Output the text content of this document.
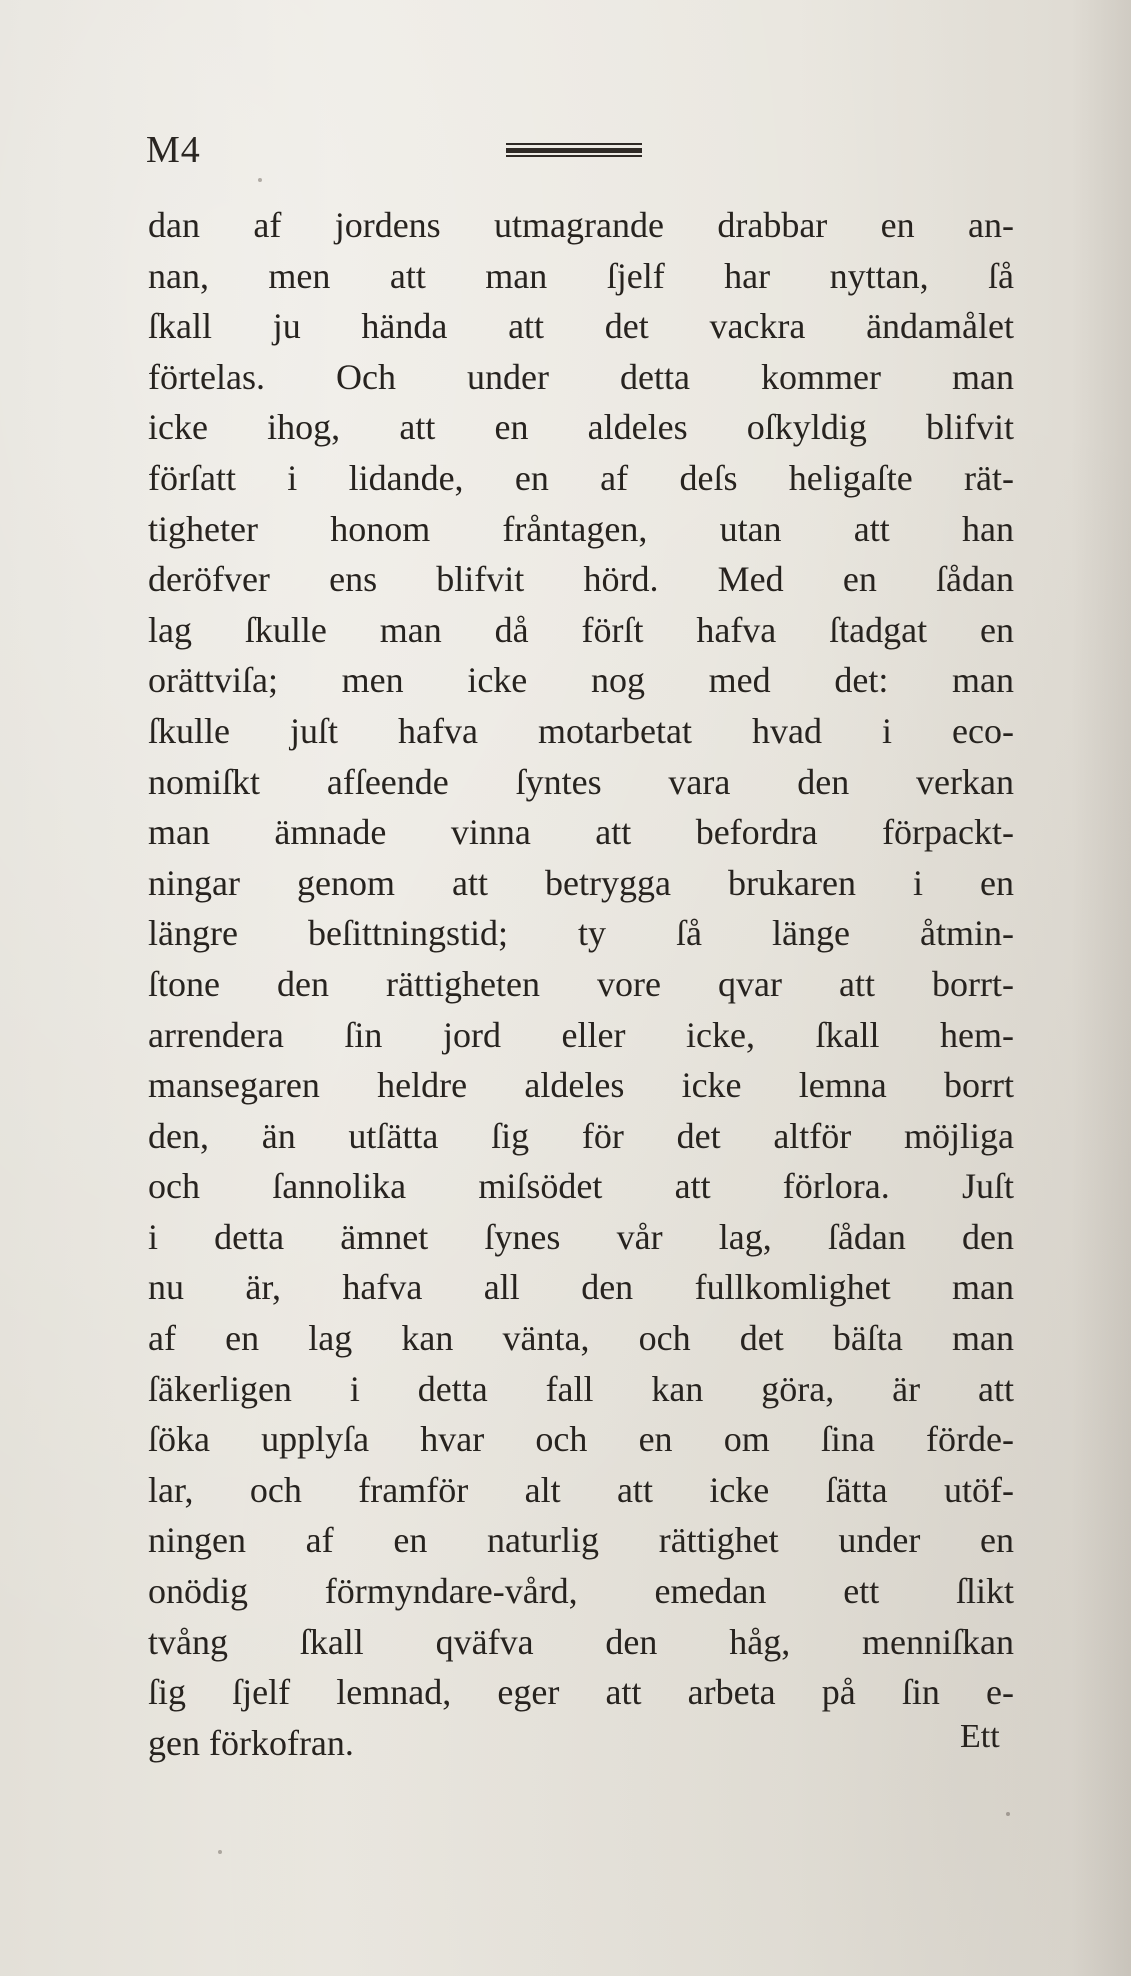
M4
dan af jordens utmagrande drabbar en an-
nan, men att man ſjelf har nyttan, ſå
ſkall ju hända att det vackra ändamålet
förtelas. Och under detta kommer man
icke ihog, att en aldeles oſkyldig blifvit
förſatt i lidande, en af deſs heligaſte rät-
tigheter honom fråntagen, utan att han
deröfver ens blifvit hörd. Med en ſådan
lag ſkulle man då förſt hafva ſtadgat en
orättviſa; men icke nog med det: man
ſkulle juſt hafva motarbetat hvad i eco-
nomiſkt afſeende ſyntes vara den verkan
man ämnade vinna att befordra förpackt-
ningar genom att betrygga brukaren i en
längre beſittningstid; ty ſå länge åtmin-
ſtone den rättigheten vore qvar att borrt-
arrendera ſin jord eller icke, ſkall hem-
mansegaren heldre aldeles icke lemna borrt
den, än utſätta ſig för det altför möjliga
och ſannolika miſsödet att förlora. Juſt
i detta ämnet ſynes vår lag, ſådan den
nu är, hafva all den fullkomlighet man
af en lag kan vänta, och det bäſta man
ſäkerligen i detta fall kan göra, är att
ſöka upplyſa hvar och en om ſina förde-
lar, och framför alt att icke ſätta utöf-
ningen af en naturlig rättighet under en
onödig förmyndare-vård, emedan ett ſlikt
tvång ſkall qväfva den håg, menniſkan
ſig ſjelf lemnad, eger att arbeta på ſin e-
gen förkofran.	Ett
